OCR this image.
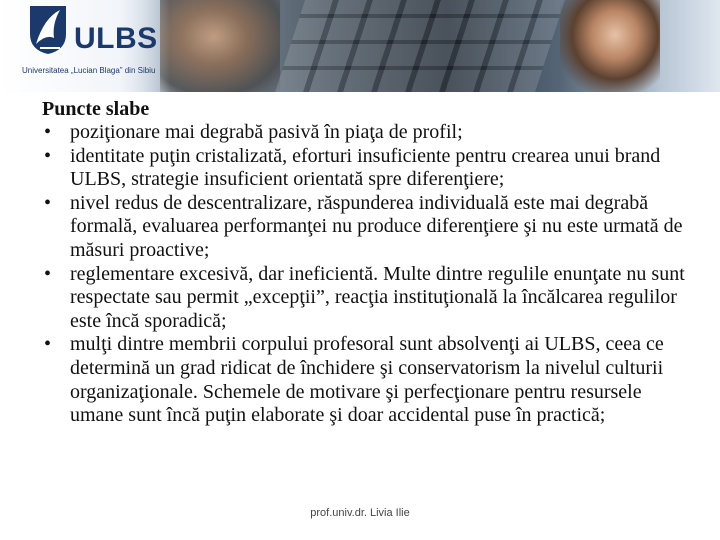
ULBS
Universitatea „Lucian Blaga” din Sibiu

Puncte slabe

• poziţionare mai degrabă pasivă în piaţa de profil;
• identitate puţin cristalizată, eforturi insuficiente pentru crearea unui brand ULBS, strategie insuficient orientată spre diferenţiere;
• nivel redus de descentralizare, răspunderea individuală este mai degrabă formală, evaluarea performanţei nu produce diferenţiere şi nu este urmată de măsuri proactive;
• reglementare excesivă, dar ineficientă. Multe dintre regulile enunţate nu sunt respectate sau permit „excepţii”, reacţia instituţională la încălcarea regulilor este încă sporadică;
• mulţi dintre membrii corpului profesoral sunt absolvenţi ai ULBS, ceea ce determină un grad ridicat de închidere şi conservatorism la nivelul culturii organizaţionale. Schemele de motivare şi perfecţionare pentru resursele umane sunt încă puţin elaborate şi doar accidental puse în practică;
prof.univ.dr. Livia Ilie
